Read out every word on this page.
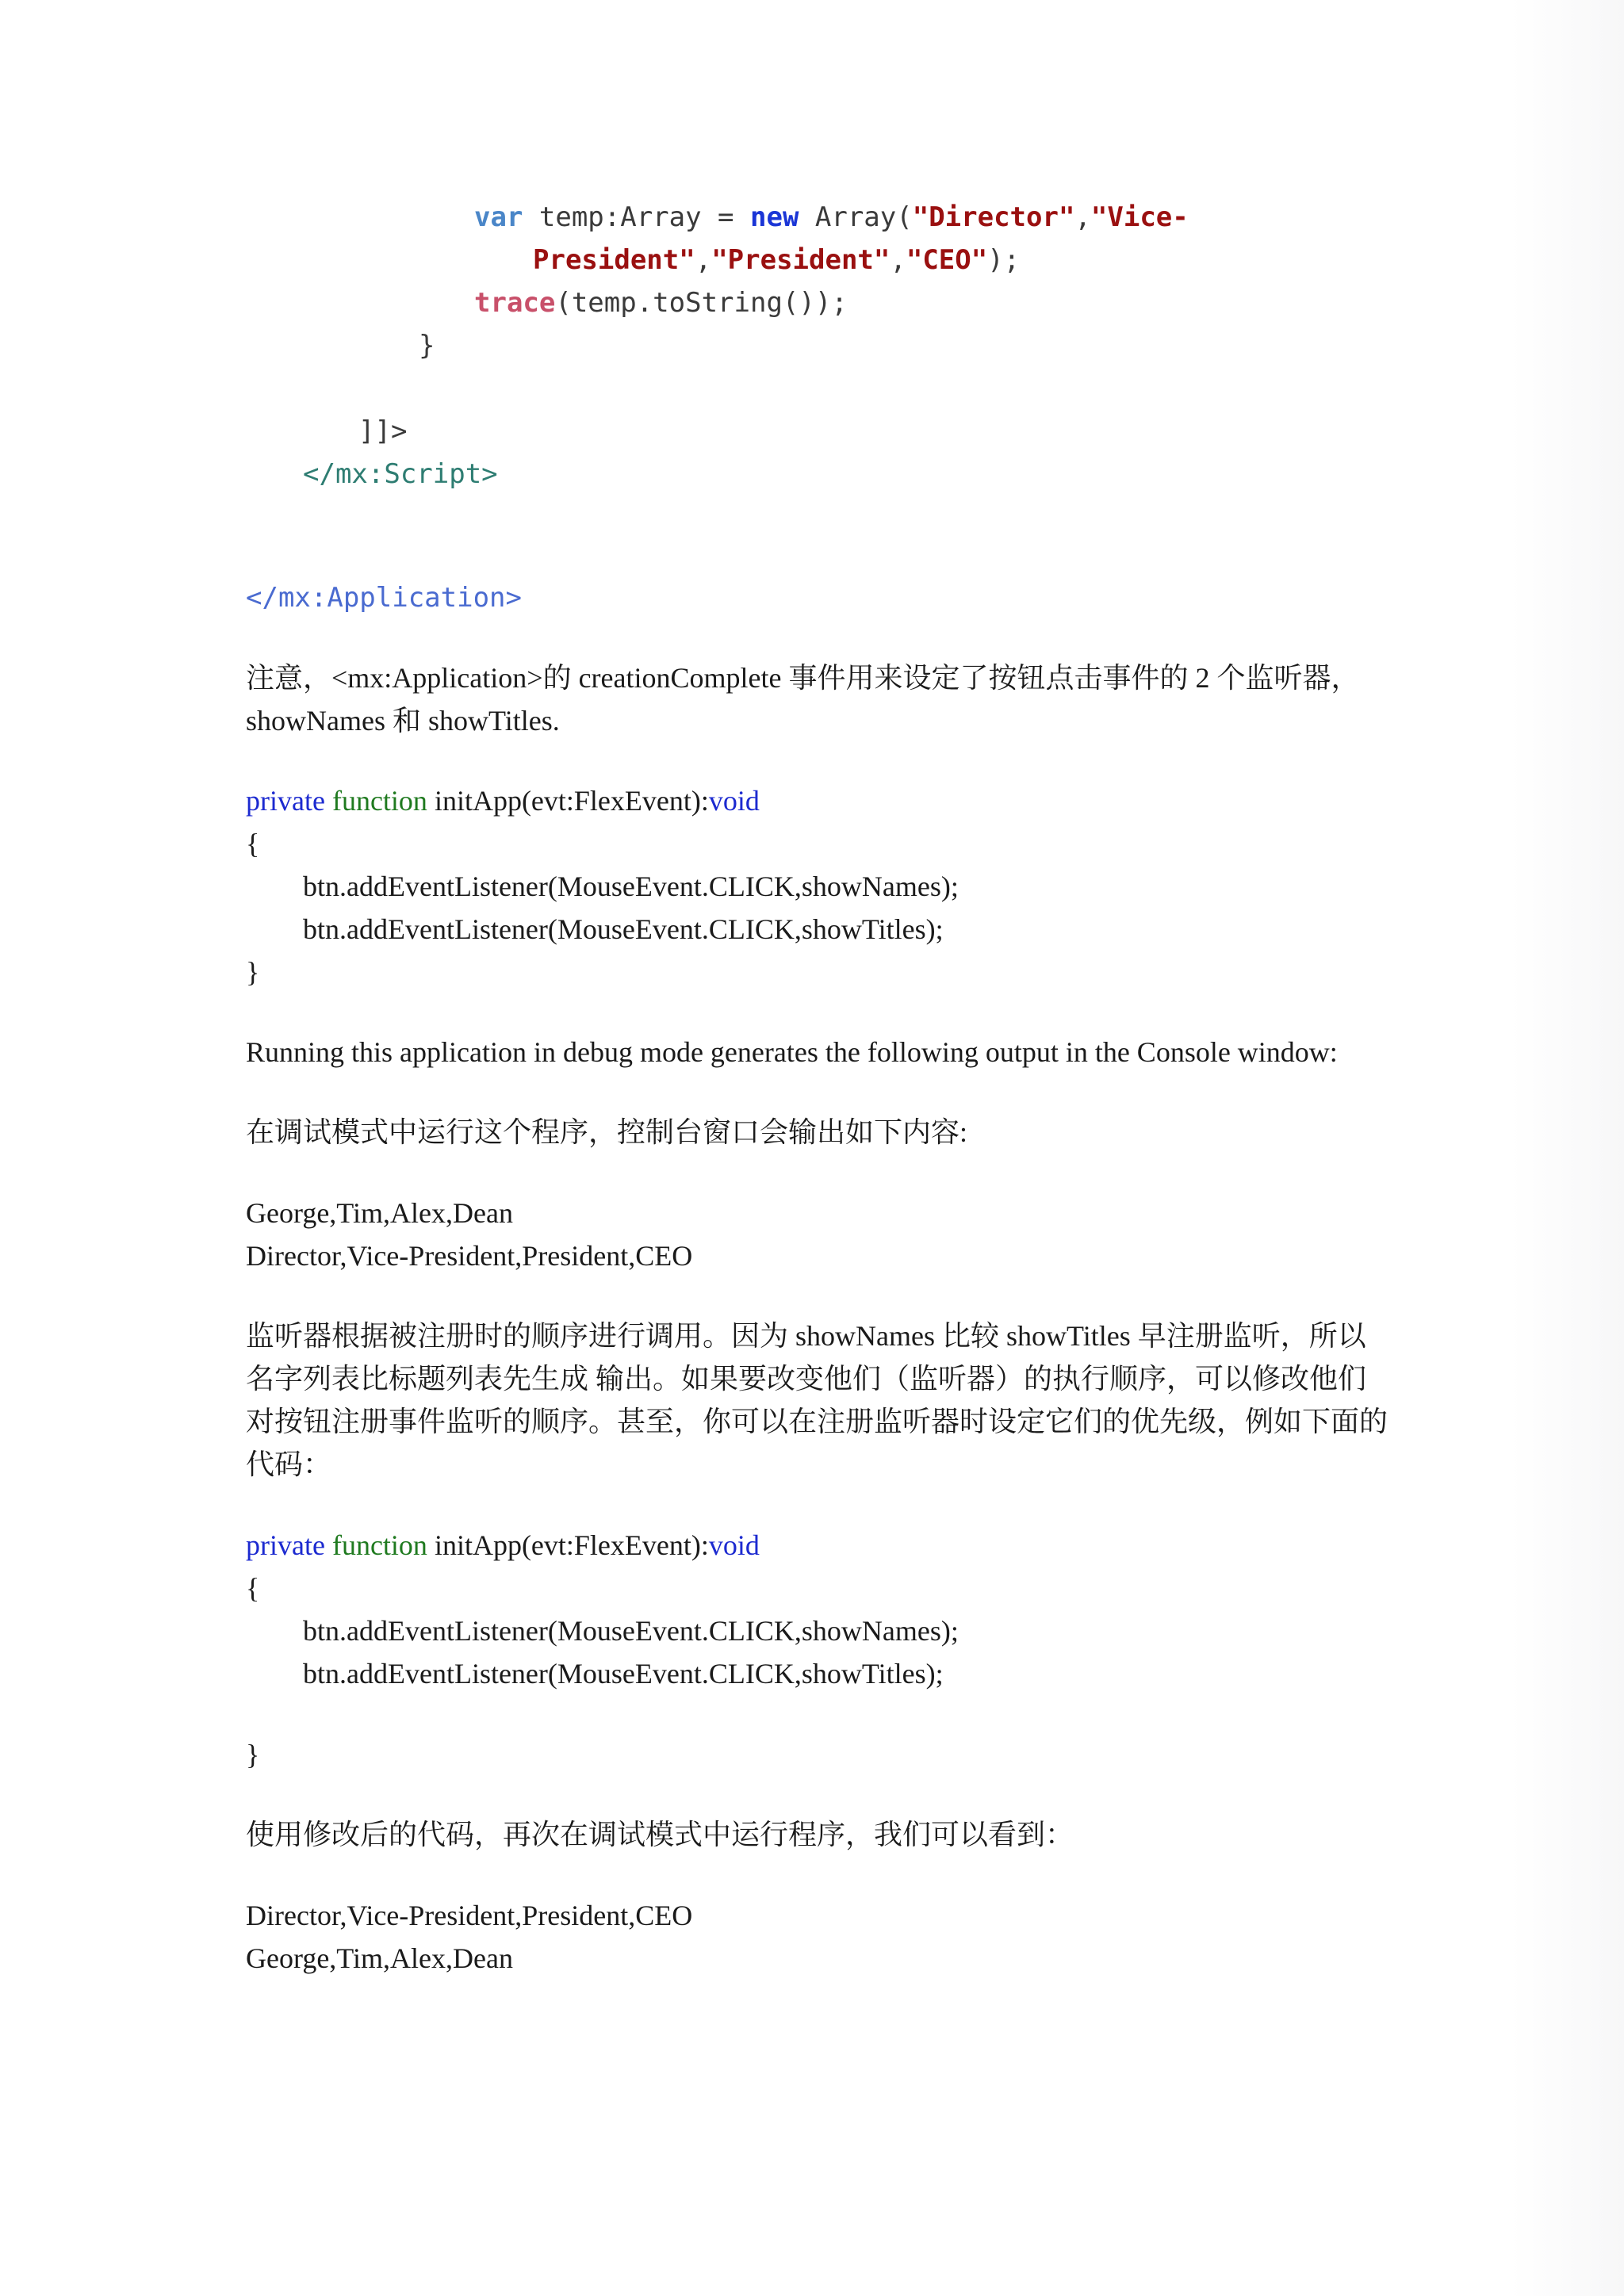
var temp:Array = new Array("Director","Vice-
President","President","CEO");
trace(temp.toString());
}
]]>
</mx:Script>
</mx:Application>
注意，<mx:Application>的 creationComplete 事件用来设定了按钮点击事件的 2 个监听器，
showNames 和 showTitles.
private function initApp(evt:FlexEvent):void
{
btn.addEventListener(MouseEvent.CLICK,showNames);
btn.addEventListener(MouseEvent.CLICK,showTitles);
}
Running this application in debug mode generates the following output in the Console window:
在调试模式中运行这个程序，控制台窗口会输出如下内容:
George,Tim,Alex,Dean
Director,Vice-President,President,CEO
监听器根据被注册时的顺序进行调用。因为 showNames 比较 showTitles 早注册监听，所以
名字列表比标题列表先生成 输出。如果要改变他们（监听器）的执行顺序，可以修改他们
对按钮注册事件监听的顺序。甚至，你可以在注册监听器时设定它们的优先级，例如下面的
代码：
private function initApp(evt:FlexEvent):void
{
btn.addEventListener(MouseEvent.CLICK,showNames);
btn.addEventListener(MouseEvent.CLICK,showTitles);
}
使用修改后的代码，再次在调试模式中运行程序，我们可以看到：
Director,Vice-President,President,CEO
George,Tim,Alex,Dean
